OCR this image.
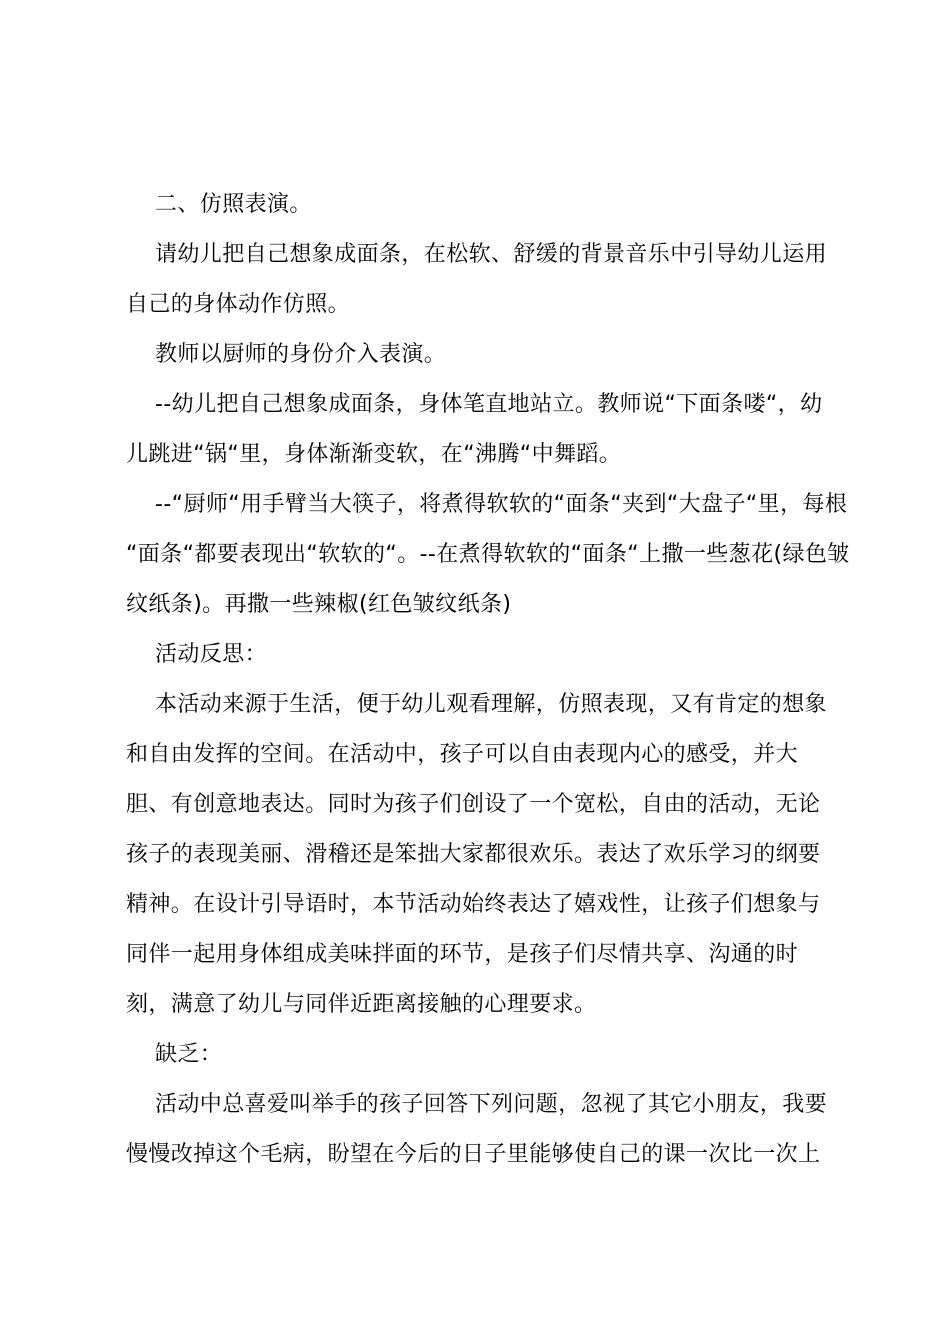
二、仿照表演。
请幼儿把自己想象成面条，在松软、舒缓的背景音乐中引导幼儿运用
自己的身体动作仿照。
教师以厨师的身份介入表演。
--幼儿把自己想象成面条，身体笔直地站立。教师说“下面条喽“，幼
儿跳进“锅“里，身体渐渐变软，在“沸腾“中舞蹈。
--“厨师“用手臂当大筷子，将煮得软软的“面条“夹到“大盘子“里，每根
“面条“都要表现出“软软的“。--在煮得软软的“面条“上撒一些葱花(绿色皱
纹纸条)。再撒一些辣椒(红色皱纹纸条)
活动反思：
本活动来源于生活，便于幼儿观看理解，仿照表现，又有肯定的想象
和自由发挥的空间。在活动中，孩子可以自由表现内心的感受，并大
胆、有创意地表达。同时为孩子们创设了一个宽松，自由的活动，无论
孩子的表现美丽、滑稽还是笨拙大家都很欢乐。表达了欢乐学习的纲要
精神。在设计引导语时，本节活动始终表达了嬉戏性，让孩子们想象与
同伴一起用身体组成美味拌面的环节，是孩子们尽情共享、沟通的时
刻，满意了幼儿与同伴近距离接触的心理要求。
缺乏：
活动中总喜爱叫举手的孩子回答下列问题，忽视了其它小朋友，我要
慢慢改掉这个毛病，盼望在今后的日子里能够使自己的课一次比一次上
